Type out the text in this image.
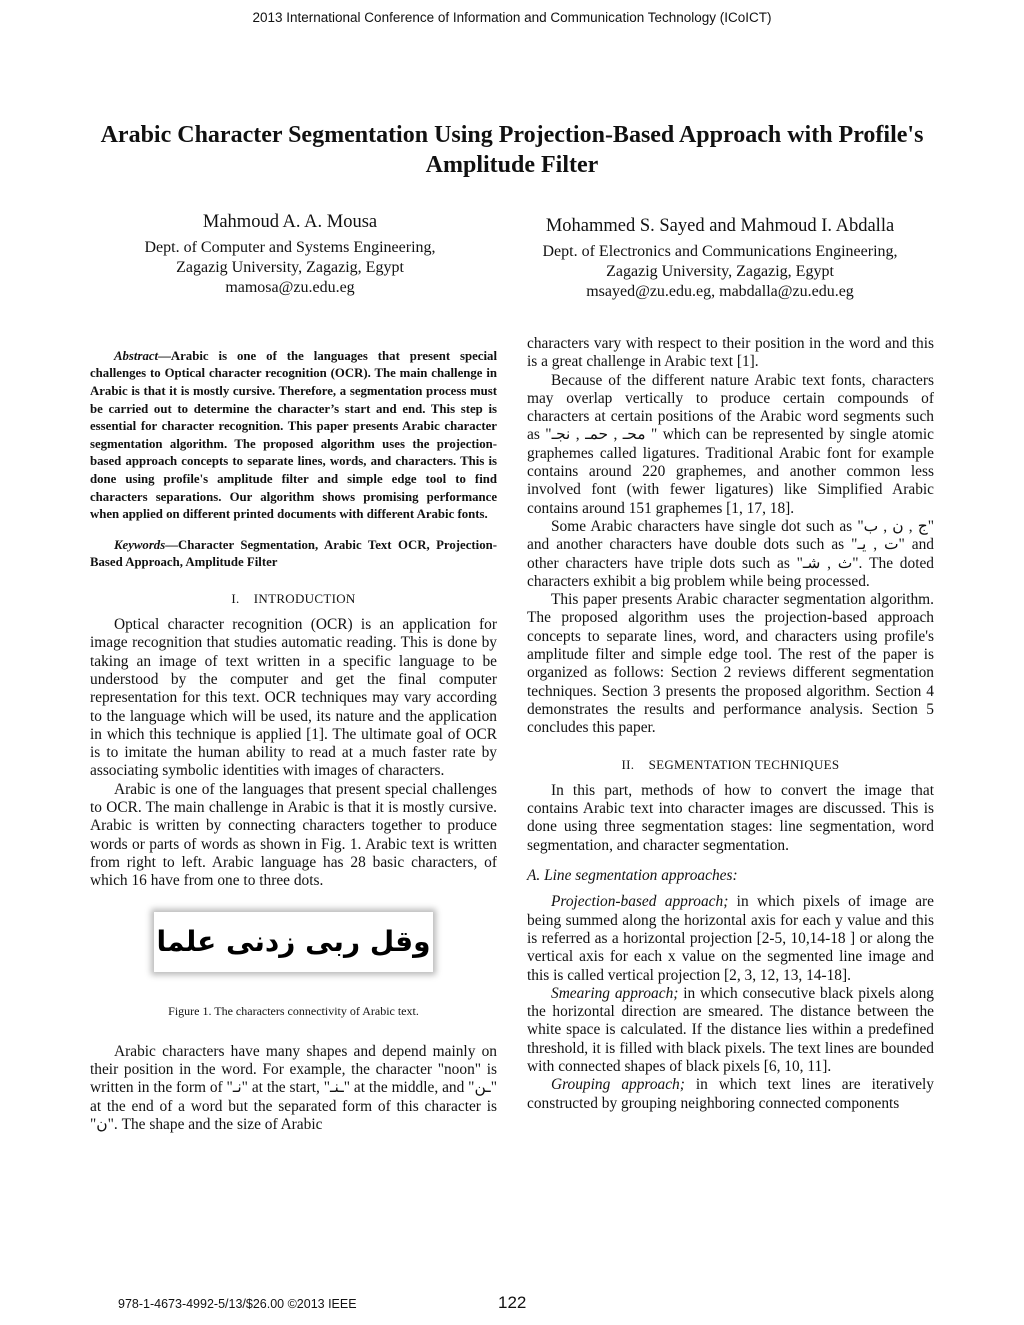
2013 International Conference of Information and Communication Technology (ICoICT)
Arabic Character Segmentation Using Projection-Based Approach with Profile's Amplitude Filter
Mahmoud A. A. Mousa
Dept. of Computer and Systems Engineering,
Zagazig University, Zagazig, Egypt
mamosa@zu.edu.eg
Mohammed S. Sayed and Mahmoud I. Abdalla
Dept. of Electronics and Communications Engineering,
Zagazig University, Zagazig, Egypt
msayed@zu.edu.eg, mabdalla@zu.edu.eg

Abstract—Arabic is one of the languages that present special challenges to Optical character recognition (OCR). The main challenge in Arabic is that it is mostly cursive. Therefore, a segmentation process must be carried out to determine the character’s start and end. This step is essential for character recognition. This paper presents Arabic character segmentation algorithm. The proposed algorithm uses the projection-based approach concepts to separate lines, words, and characters. This is done using profile's amplitude filter and simple edge tool to find characters separations. Our algorithm shows promising performance when applied on different printed documents with different Arabic fonts.

Keywords—Character Segmentation, Arabic Text OCR, Projection-Based Approach, Amplitude Filter

I. INTRODUCTION

Optical character recognition (OCR) is an application for image recognition that studies automatic reading. This is done by taking an image of text written in a specific language to be understood by the computer and get the final computer representation for this text. OCR techniques may vary according to the language which will be used, its nature and the application in which this technique is applied [1]. The ultimate goal of OCR is to imitate the human ability to read at a much faster rate by associating symbolic identities with images of characters.

Arabic is one of the languages that present special challenges to OCR. The main challenge in Arabic is that it is mostly cursive. Arabic is written by connecting characters together to produce words or parts of words as shown in Fig. 1. Arabic text is written from right to left. Arabic language has 28 basic characters, of which 16 have from one to three dots.

وقل ربی زدنی علما
Figure 1. The characters connectivity of Arabic text.

Arabic characters have many shapes and depend mainly on their position in the word. For example, the character "noon" is written in the form of "نـ" at the start, "ـنـ" at the middle, and "ـن" at the end of a word but the separated form of this character is "ن". The shape and the size of Arabic

characters vary with respect to their position in the word and this is a great challenge in Arabic text [1].

Because of the different nature Arabic text fonts, characters may overlap vertically to produce certain compounds of characters at certain positions of the Arabic word segments such as "محـ , حمـ , نجـ " which can be represented by single atomic graphemes called ligatures. Traditional Arabic font for example contains around 220 graphemes, and another common less involved font (with fewer ligatures) like Simplified Arabic contains around 151 graphemes [1, 17, 18].

Some Arabic characters have single dot such as "ج , ن , ب" and another characters have double dots such as "ت , يـ" and other characters have triple dots such as "ث , شـ". The doted characters exhibit a big problem while being processed.

This paper presents Arabic character segmentation algorithm. The proposed algorithm uses the projection-based approach concepts to separate lines, word, and characters using profile's amplitude filter and simple edge tool. The rest of the paper is organized as follows: Section 2 reviews different segmentation techniques. Section 3 presents the proposed algorithm. Section 4 demonstrates the results and performance analysis. Section 5 concludes this paper.

II. SEGMENTATION TECHNIQUES

In this part, methods of how to convert the image that contains Arabic text into character images are discussed. This is done using three segmentation stages: line segmentation, word segmentation, and character segmentation.

A. Line segmentation approaches:

Projection-based approach; in which pixels of image are being summed along the horizontal axis for each y value and this is referred as a horizontal projection [2-5, 10,14-18 ] or along the vertical axis for each x value on the segmented line image and this is called vertical projection [2, 3, 12, 13, 14-18].

Smearing approach; in which consecutive black pixels along the horizontal direction are smeared. The distance between the white space is calculated. If the distance lies within a predefined threshold, it is filled with black pixels. The text lines are bounded with connected shapes of black pixels [6, 10, 11].

Grouping approach; in which text lines are iteratively constructed by grouping neighboring connected components

978-1-4673-4992-5/13/$26.00 ©2013 IEEE	122
